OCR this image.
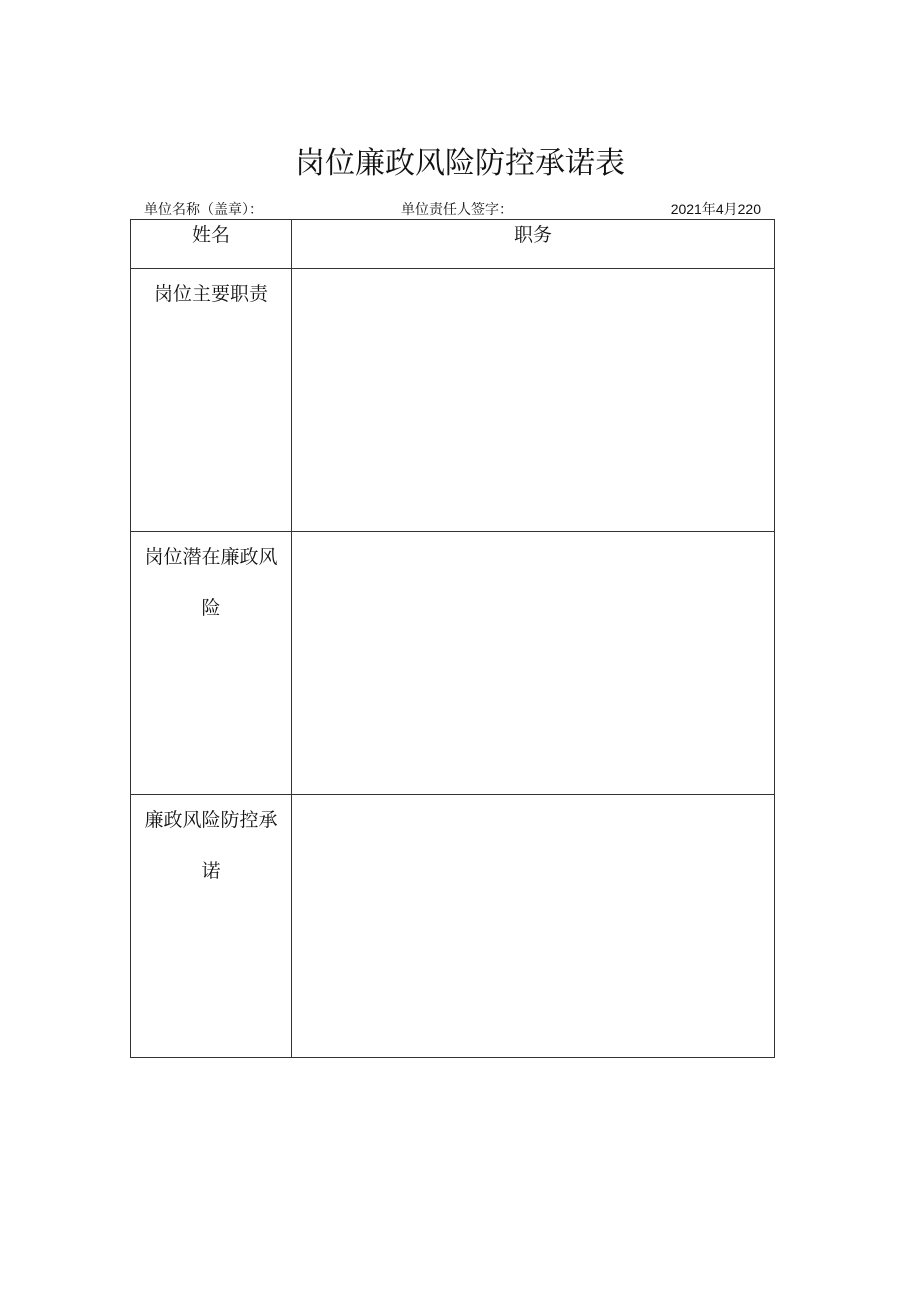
岗位廉政风险防控承诺表
单位名称（盖章）：	单位责任人签字：	2021年4月220
姓名	职务

岗位主要职责	

岗位潜在廉政风险	

廉政风险防控承诺	
